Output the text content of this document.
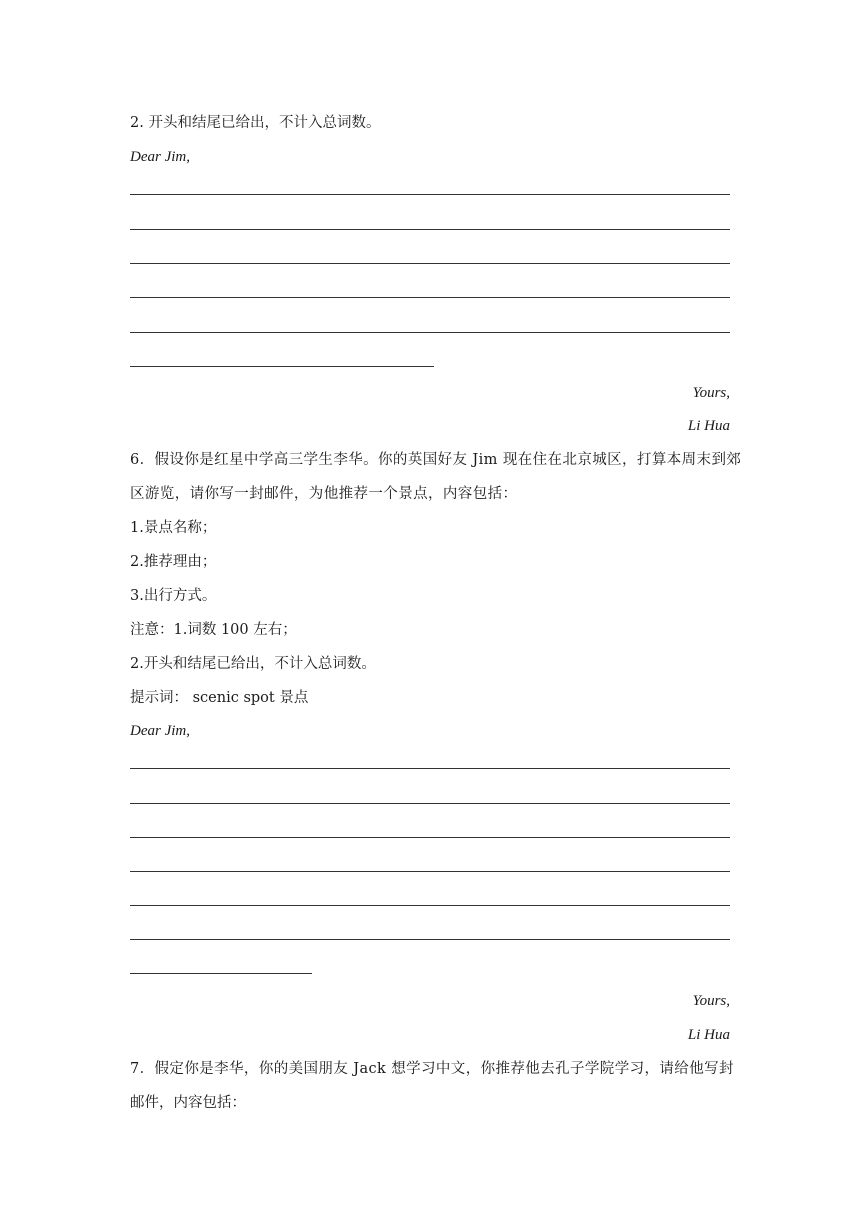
2. 开头和结尾已给出，不计入总词数。
Dear Jim,
Yours,
Li Hua
6．假设你是红星中学高三学生李华。你的英国好友 Jim 现在住在北京城区，打算本周末到郊
区游览，请你写一封邮件，为他推荐一个景点，内容包括：
1.景点名称；
2.推荐理由；
3.出行方式。
注意：1.词数 100 左右；
2.开头和结尾已给出，不计入总词数。
提示词： scenic spot 景点
Dear Jim,
Yours,
Li Hua
7．假定你是李华，你的美国朋友 Jack 想学习中文，你推荐他去孔子学院学习，请给他写封
邮件，内容包括：
